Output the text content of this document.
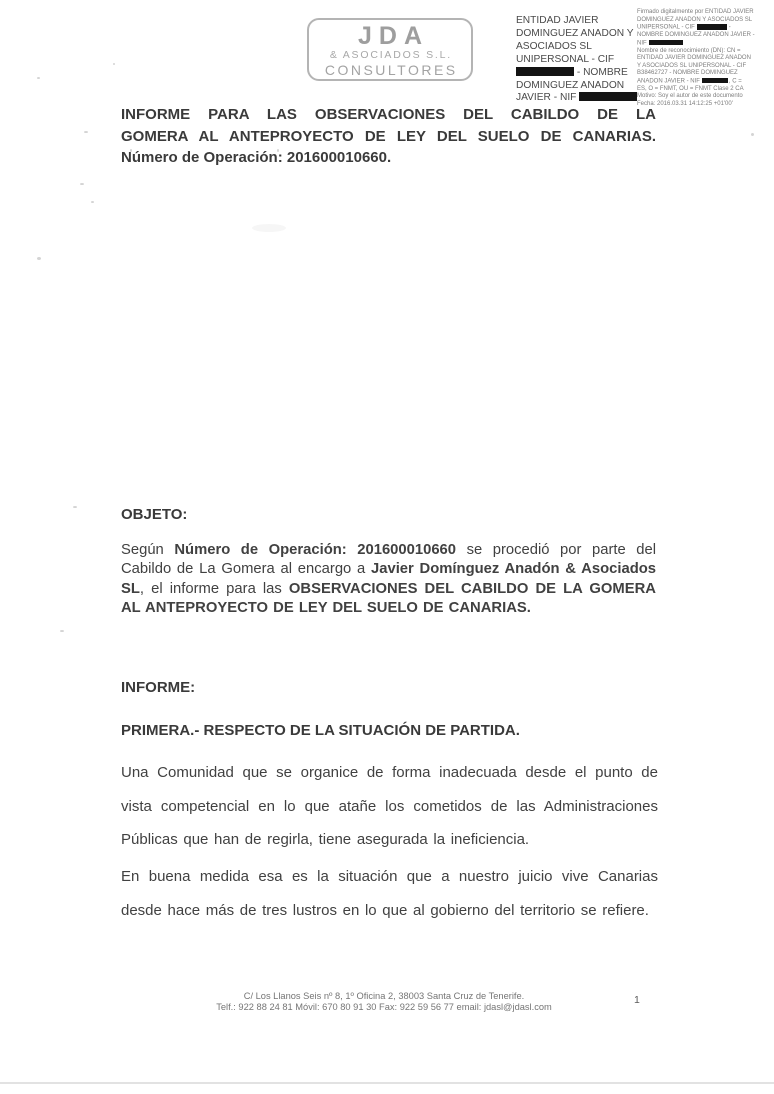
JDA
& ASOCIADOS S.L.
CONSULTORES
ENTIDAD JAVIER
DOMINGUEZ ANADON Y
ASOCIADOS SL
UNIPERSONAL - CIF
- NOMBRE
DOMINGUEZ ANADON
JAVIER - NIF
Firmado digitalmente por ENTIDAD JAVIER
DOMINGUEZ ANADON Y ASOCIADOS SL
UNIPERSONAL - CIF	-
NOMBRE DOMINGUEZ ANADON JAVIER -
NIF
Nombre de reconocimiento (DN): CN =
ENTIDAD JAVIER DOMINGUEZ ANADON
Y ASOCIADOS SL UNIPERSONAL - CIF
B38462727 - NOMBRE DOMINGUEZ
ANADON JAVIER - NIF	, C =
ES, O = FNMT, OU = FNMT Clase 2 CA
Motivo: Soy el autor de este documento
Fecha: 2016.03.31 14:12:25 +01'00'
INFORME PARA LAS OBSERVACIONES DEL CABILDO DE LA
GOMERA AL ANTEPROYECTO DE LEY DEL SUELO DE CANARIAS.
Número de Operación: 201600010660.
OBJETO:

Según Número de Operación: 201600010660 se procedió por parte del Cabildo de La Gomera al encargo a Javier Domínguez Anadón & Asociados SL, el informe para las OBSERVACIONES DEL CABILDO DE LA GOMERA AL ANTEPROYECTO DE LEY DEL SUELO DE CANARIAS.

INFORME:
PRIMERA.- RESPECTO DE LA SITUACIÓN DE PARTIDA.

Una Comunidad que se organice de forma inadecuada desde el punto de vista competencial en lo que atañe los cometidos de las Administraciones Públicas que han de regirla, tiene asegurada la ineficiencia.

En buena medida esa es la situación que a nuestro juicio vive Canarias desde hace más de tres lustros en lo que al gobierno del territorio se refiere.

C/ Los Llanos Seis nº 8, 1º Oficina 2, 38003 Santa Cruz de Tenerife.
Telf.: 922 88 24 81 Móvil: 670 80 91 30 Fax: 922 59 56 77 email: jdasl@jdasl.com
1
